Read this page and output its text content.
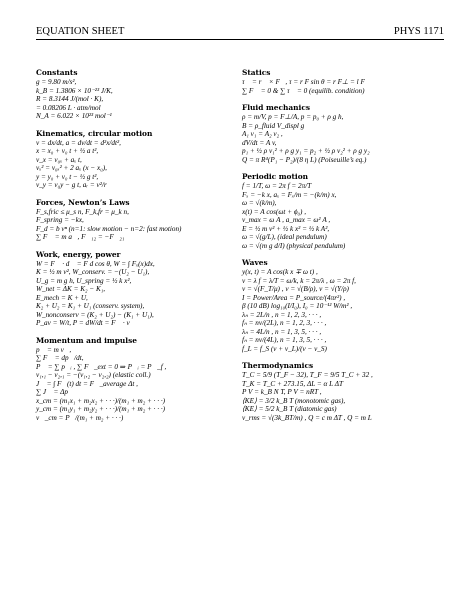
EQUATION SHEET	PHYS 1171
Constants
g = 9.80 m/s²,
k_B = 1.3806 × 10⁻²³ J/K,
R = 8.3144 J/(mol · K),
= 0.08206 L · atm/mol
N_A = 6.022 × 10²³ mol⁻¹
Kinematics, circular motion
v = dx/dt, a = dv/dt = d²x/dt²,
x = x₀ + v₀ t + ½ a t²,
v_x = v₀ₓ + aₓ t,
vₓ² = v₀ₓ² + 2 aₓ (x − x₀),
y = y₀ + v₀ t − ½ g t²,
v_y = v₀y − g t, aᵣ = v²/r
Forces, Newton’s Laws
F_s,fric ≤ μ_s n, F_k,fr = μ_k n,
F_spring = −kx,
F_d = b vⁿ (n=1: slow motion − n=2: fast motion)
∑ F⃗ = m a⃗, F⃗₁₂ = −F⃗₂₁
Work, energy, power
W = F⃗ · d⃗ = F d cos θ, W = ∫ Fₓ(x)dx,
K = ½ m v², W_conserv. = −(U₂ − U₁),
U_g = m g h, U_spring = ½ k x²,
W_net = ΔK = K₂ − K₁,
E_mech = K + U,
K₂ + U₂ = K₁ + U₁ (conserv. system),
W_nonconserv = (K₂ + U₂) − (K₁ + U₁),
P_av = W/t, P = dW/dt = F⃗ · v⃗
Momentum and impulse
p⃗ = m v⃗,
∑ F⃗ = dp⃗/dt,
P⃗ = ∑ p⃗ᵢ , ∑ F⃗_ext = 0 ⇒ P⃗ᵢ = P⃗_f ,
v₁,₁ − v₂,₁ = −(v₁,₂ − v₂,₂) (elastic coll.)
J⃗ = ∫ F⃗(t) dt = F⃗_average Δt ,
∑ J⃗ = Δp⃗
x_cm = (m₁x₁ + m₂x₂ + · · ·)/(m₁ + m₂ + · · ·)
y_cm = (m₁y₁ + m₂y₂ + · · ·)/(m₁ + m₂ + · · ·)
v⃗_cm = P⃗/(m₁ + m₂ + · · ·)
Statics
τ⃗ = r⃗ × F⃗, τ = r F sin θ = r F⊥ = l F
∑ F⃗ = 0 & ∑ τ⃗ = 0 (equilib. condition)
Fluid mechanics
ρ = m/V, p = F⊥/A, p = p₀ + ρ g h,
B = ρ_fluid V_displ g
A₁ v₁ = A₂ v₂ ,
dV/dt = A v,
p₁ + ½ ρ v₁² + ρ g y₁ = p₂ + ½ ρ v₂² + ρ g y₂
Q = π R⁴(P₁ − P₂)/(8 η L) (Poiseuille’s eq.)
Periodic motion
f = 1/T, ω = 2π f = 2π/T
Fₓ = −k x, aₓ = Fₓ/m = −(k/m) x,
ω = √(k/m),
x(t) = A cos(ωt + ϕ₀) ,
v_max = ω A , a_max = ω² A ,
E = ½ m v² + ½ k x² = ½ k A²,
ω = √(g/L), (ideal pendulum)
ω = √(m g d/I) (physical pendulum)
Waves
y(x, t) = A cos(k x ∓ ω t) ,
v = λ f = λ/T = ω/k, k = 2π/λ , ω = 2π f,
v = √(F_T/μ) , v = √(B/ρ), v = √(Y/ρ)
I = Power/Area = P_source/(4πr²) ,
β (10 dB) log₁₀(I/I₀), I₀ = 10⁻¹² W/m² ,
λₙ = 2L/n , n = 1, 2, 3, · · · ,
fₙ = nv/(2L), n = 1, 2, 3, · · · ,
λₙ = 4L/n , n = 1, 3, 5, · · · ,
fₙ = nv/(4L), n = 1, 3, 5, · · · ,
f_L = f_S (v + v_L)/(v − v_S)
Thermodynamics
T_C = 5/9 (T_F − 32), T_F = 9/5 T_C + 32 ,
T_K = T_C + 273.15, ΔL = α L ΔT
P V = k_B N T, P V = nRT ,
⟨KE⟩ = 3/2 k_B T (monotomic gas),
⟨KE⟩ = 5/2 k_B T (diatomic gas)
v_rms = √(3k_BT/m) , Q = c m ΔT , Q = m L
